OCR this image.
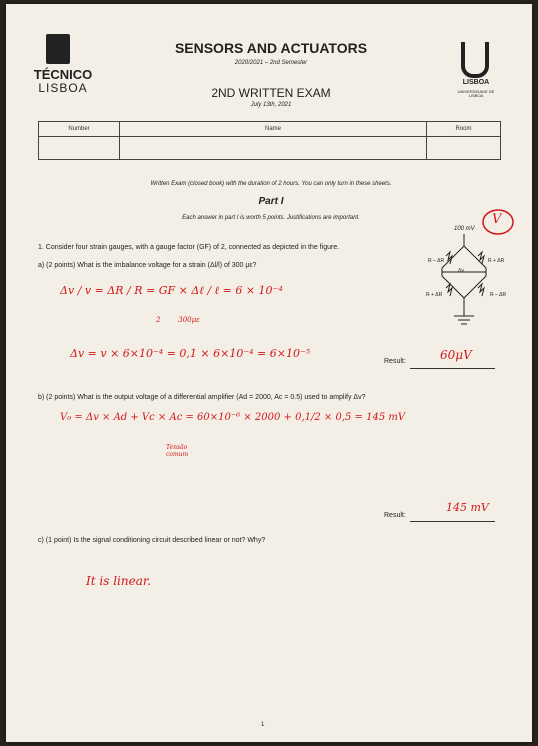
TÉCNICO
LISBOA	LISBOA
UNIVERSIDADE DE LISBOA
SENSORS AND ACTUATORS
2020/2021 – 2nd Semester
2ND WRITTEN EXAM
July 13th, 2021
Number	Name	Room

Written Exam (closed book) with the duration of 2 hours. You can only turn in these sheets.
Part I
Each answer in part I is worth 5 points. Justifications are important.	V
100 mV
R – ΔR	R + ΔR
Δv
R + ΔR	R – ΔR
1. Consider four strain gauges, with a gauge factor (GF) of 2, connected as depicted in the figure.
a) (2 points) What is the imbalance voltage for a strain (Δl/l) of 300 με?
Δv / v = ΔR / R = GF × Δℓ / ℓ = 6 × 10⁻⁴
2        300με
Δv = v × 6×10⁻⁴ = 0,1 × 6×10⁻⁴ = 6×10⁻⁵
Result:	60μV
b) (2 points) What is the output voltage of a differential amplifier (Ad = 2000, Ac = 0.5) used to amplify Δv?
V₀ = Δv × Ad + Vc × Ac = 60×10⁻⁶ × 2000 + 0,1/2 × 0,5 = 145 mV
Tensão comum
Result:
145 mV
c) (1 point) Is the signal conditioning circuit described linear or not? Why?
It is linear.
1
